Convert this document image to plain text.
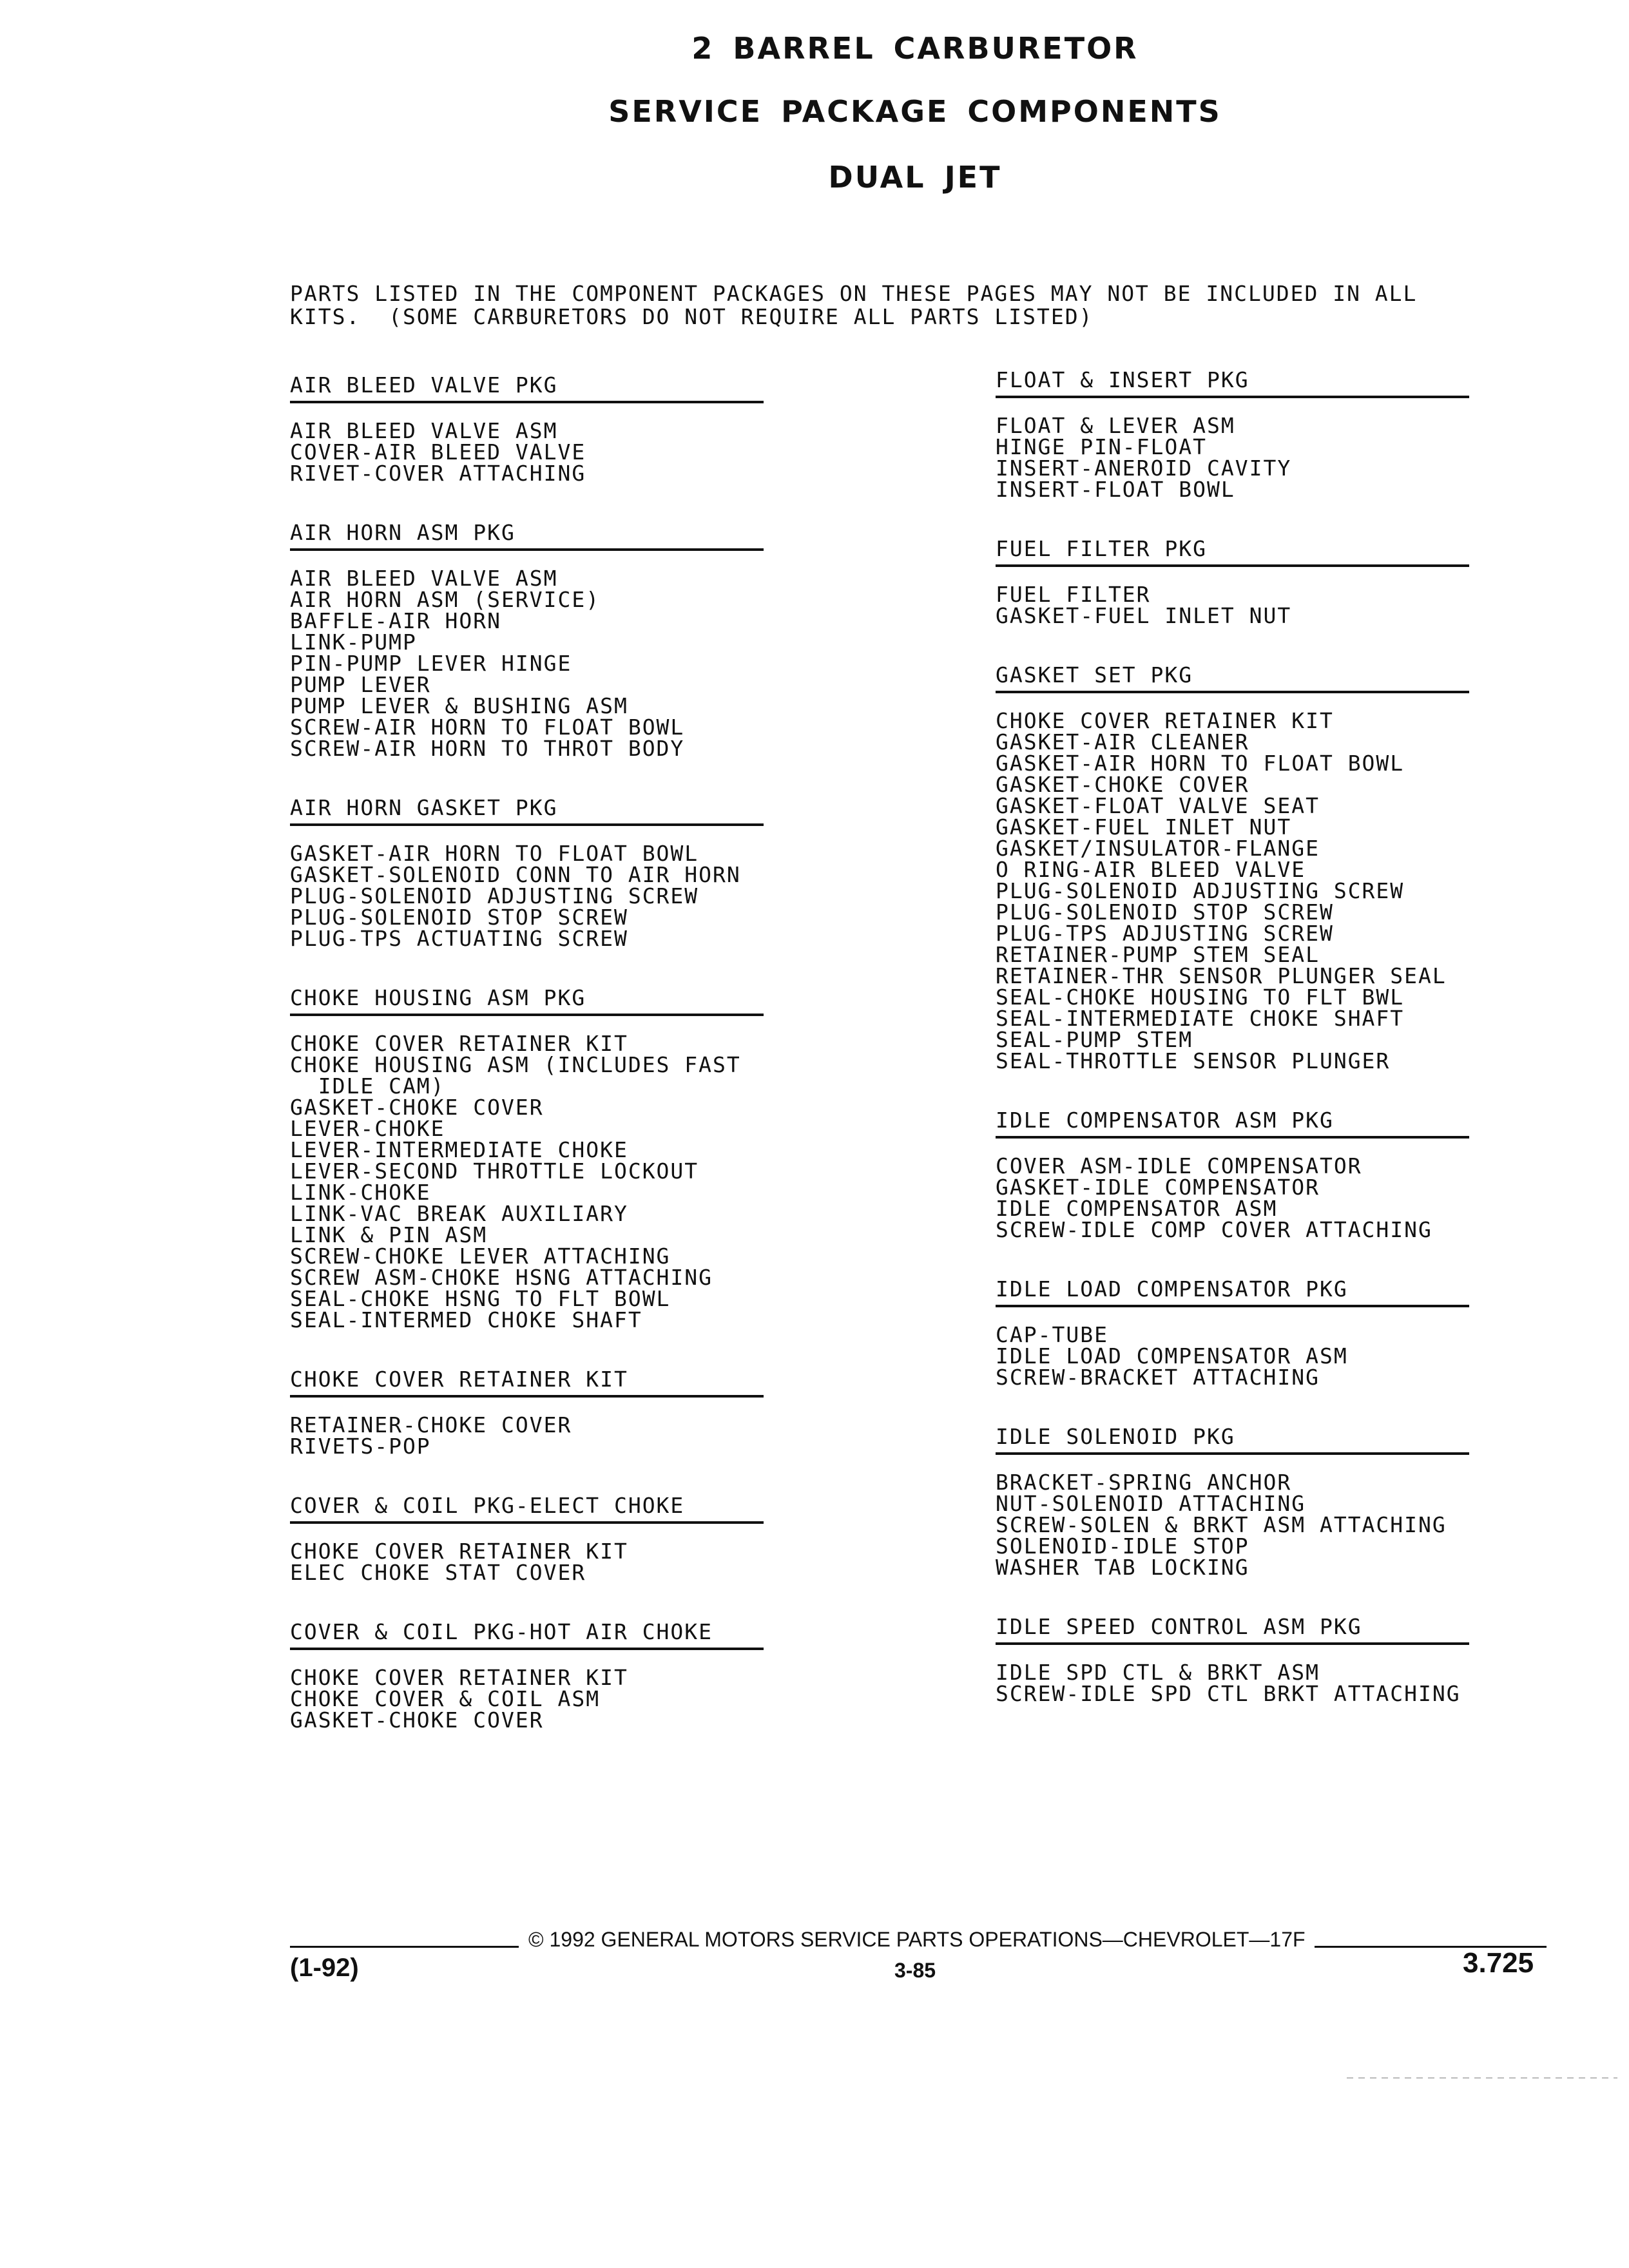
2 BARREL CARBURETOR
SERVICE PACKAGE COMPONENTS
DUAL JET
PARTS LISTED IN THE COMPONENT PACKAGES ON THESE PAGES MAY NOT BE INCLUDED IN ALL
KITS.  (SOME CARBURETORS DO NOT REQUIRE ALL PARTS LISTED)
AIR BLEED VALVE PKG
AIR BLEED VALVE ASM
COVER-AIR BLEED VALVE
RIVET-COVER ATTACHING
AIR HORN ASM PKG
AIR BLEED VALVE ASM
AIR HORN ASM (SERVICE)
BAFFLE-AIR HORN
LINK-PUMP
PIN-PUMP LEVER HINGE
PUMP LEVER
PUMP LEVER & BUSHING ASM
SCREW-AIR HORN TO FLOAT BOWL
SCREW-AIR HORN TO THROT BODY
AIR HORN GASKET PKG
GASKET-AIR HORN TO FLOAT BOWL
GASKET-SOLENOID CONN TO AIR HORN
PLUG-SOLENOID ADJUSTING SCREW
PLUG-SOLENOID STOP SCREW
PLUG-TPS ACTUATING SCREW
CHOKE HOUSING ASM PKG
CHOKE COVER RETAINER KIT
CHOKE HOUSING ASM (INCLUDES FAST
IDLE CAM)
GASKET-CHOKE COVER
LEVER-CHOKE
LEVER-INTERMEDIATE CHOKE
LEVER-SECOND THROTTLE LOCKOUT
LINK-CHOKE
LINK-VAC BREAK AUXILIARY
LINK & PIN ASM
SCREW-CHOKE LEVER ATTACHING
SCREW ASM-CHOKE HSNG ATTACHING
SEAL-CHOKE HSNG TO FLT BOWL
SEAL-INTERMED CHOKE SHAFT
CHOKE COVER RETAINER KIT
RETAINER-CHOKE COVER
RIVETS-POP
COVER & COIL PKG-ELECT CHOKE
CHOKE COVER RETAINER KIT
ELEC CHOKE STAT COVER
COVER & COIL PKG-HOT AIR CHOKE
CHOKE COVER RETAINER KIT
CHOKE COVER & COIL ASM
GASKET-CHOKE COVER
FLOAT & INSERT PKG
FLOAT & LEVER ASM
HINGE PIN-FLOAT
INSERT-ANEROID CAVITY
INSERT-FLOAT BOWL
FUEL FILTER PKG
FUEL FILTER
GASKET-FUEL INLET NUT
GASKET SET PKG
CHOKE COVER RETAINER KIT
GASKET-AIR CLEANER
GASKET-AIR HORN TO FLOAT BOWL
GASKET-CHOKE COVER
GASKET-FLOAT VALVE SEAT
GASKET-FUEL INLET NUT
GASKET/INSULATOR-FLANGE
O RING-AIR BLEED VALVE
PLUG-SOLENOID ADJUSTING SCREW
PLUG-SOLENOID STOP SCREW
PLUG-TPS ADJUSTING SCREW
RETAINER-PUMP STEM SEAL
RETAINER-THR SENSOR PLUNGER SEAL
SEAL-CHOKE HOUSING TO FLT BWL
SEAL-INTERMEDIATE CHOKE SHAFT
SEAL-PUMP STEM
SEAL-THROTTLE SENSOR PLUNGER
IDLE COMPENSATOR ASM PKG
COVER ASM-IDLE COMPENSATOR
GASKET-IDLE COMPENSATOR
IDLE COMPENSATOR ASM
SCREW-IDLE COMP COVER ATTACHING
IDLE LOAD COMPENSATOR PKG
CAP-TUBE
IDLE LOAD COMPENSATOR ASM
SCREW-BRACKET ATTACHING
IDLE SOLENOID PKG
BRACKET-SPRING ANCHOR
NUT-SOLENOID ATTACHING
SCREW-SOLEN & BRKT ASM ATTACHING
SOLENOID-IDLE STOP
WASHER TAB LOCKING
IDLE SPEED CONTROL ASM PKG
IDLE SPD CTL & BRKT ASM
SCREW-IDLE SPD CTL BRKT ATTACHING
© 1992 GENERAL MOTORS SERVICE PARTS OPERATIONS—CHEVROLET—17F
(1-92)	3-85	3.725
